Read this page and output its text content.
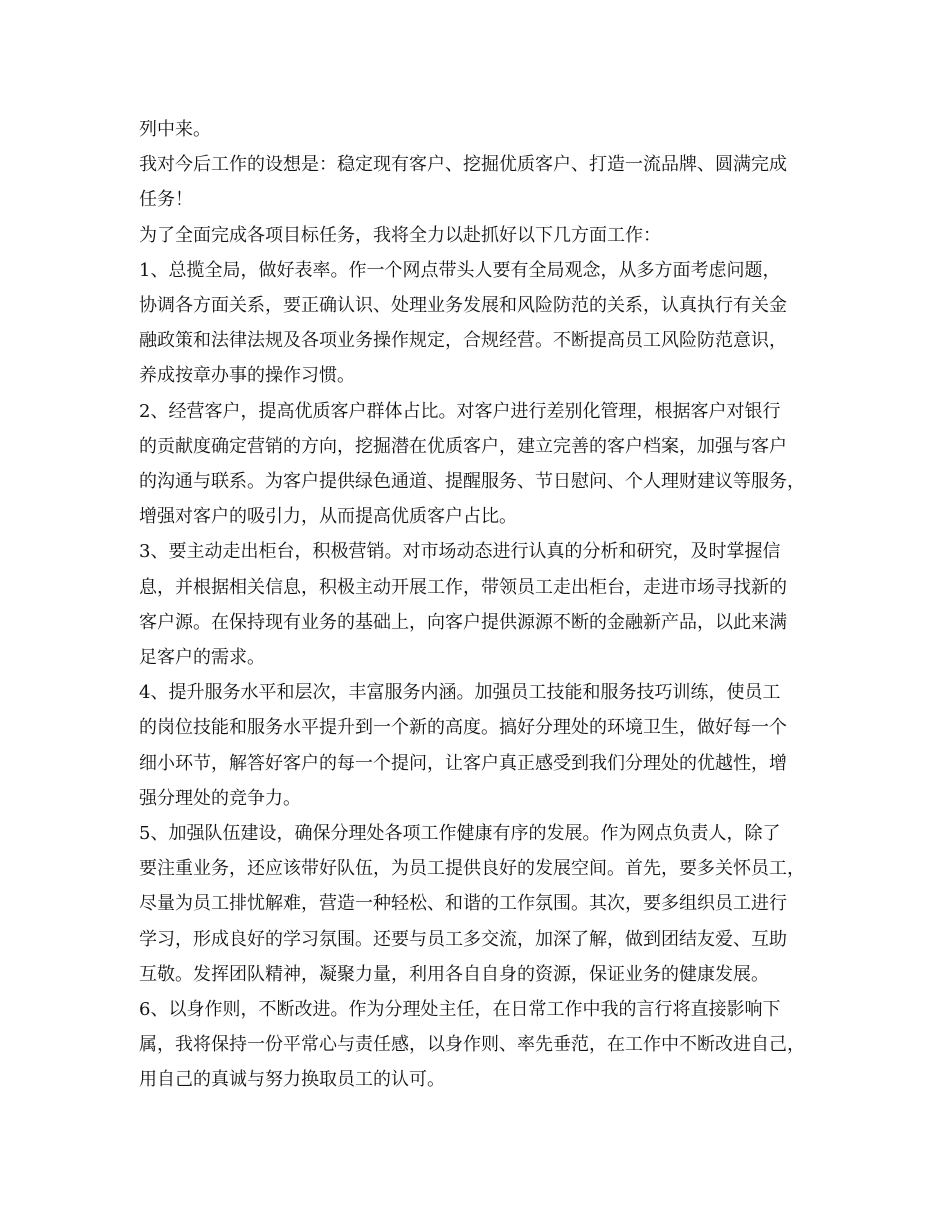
列中来。

我对今后工作的设想是：稳定现有客户、挖掘优质客户、打造一流品牌、圆满完成
任务！

为了全面完成各项目标任务，我将全力以赴抓好以下几方面工作：

1、总揽全局，做好表率。作一个网点带头人要有全局观念，从多方面考虑问题，
协调各方面关系，要正确认识、处理业务发展和风险防范的关系，认真执行有关金
融政策和法律法规及各项业务操作规定，合规经营。不断提高员工风险防范意识，
养成按章办事的操作习惯。

2、经营客户，提高优质客户群体占比。对客户进行差别化管理，根据客户对银行
的贡献度确定营销的方向，挖掘潜在优质客户，建立完善的客户档案，加强与客户
的沟通与联系。为客户提供绿色通道、提醒服务、节日慰问、个人理财建议等服务，
增强对客户的吸引力，从而提高优质客户占比。

3、要主动走出柜台，积极营销。对市场动态进行认真的分析和研究，及时掌握信
息，并根据相关信息，积极主动开展工作，带领员工走出柜台，走进市场寻找新的
客户源。在保持现有业务的基础上，向客户提供源源不断的金融新产品，以此来满
足客户的需求。

4、提升服务水平和层次，丰富服务内涵。加强员工技能和服务技巧训练，使员工
的岗位技能和服务水平提升到一个新的高度。搞好分理处的环境卫生，做好每一个
细小环节，解答好客户的每一个提问，让客户真正感受到我们分理处的优越性，增
强分理处的竞争力。

5、加强队伍建设，确保分理处各项工作健康有序的发展。作为网点负责人，除了
要注重业务，还应该带好队伍，为员工提供良好的发展空间。首先，要多关怀员工，
尽量为员工排忧解难，营造一种轻松、和谐的工作氛围。其次，要多组织员工进行
学习，形成良好的学习氛围。还要与员工多交流，加深了解，做到团结友爱、互助
互敬。发挥团队精神，凝聚力量，利用各自自身的资源，保证业务的健康发展。

6、以身作则，不断改进。作为分理处主任，在日常工作中我的言行将直接影响下
属，我将保持一份平常心与责任感，以身作则、率先垂范，在工作中不断改进自己，
用自己的真诚与努力换取员工的认可。
